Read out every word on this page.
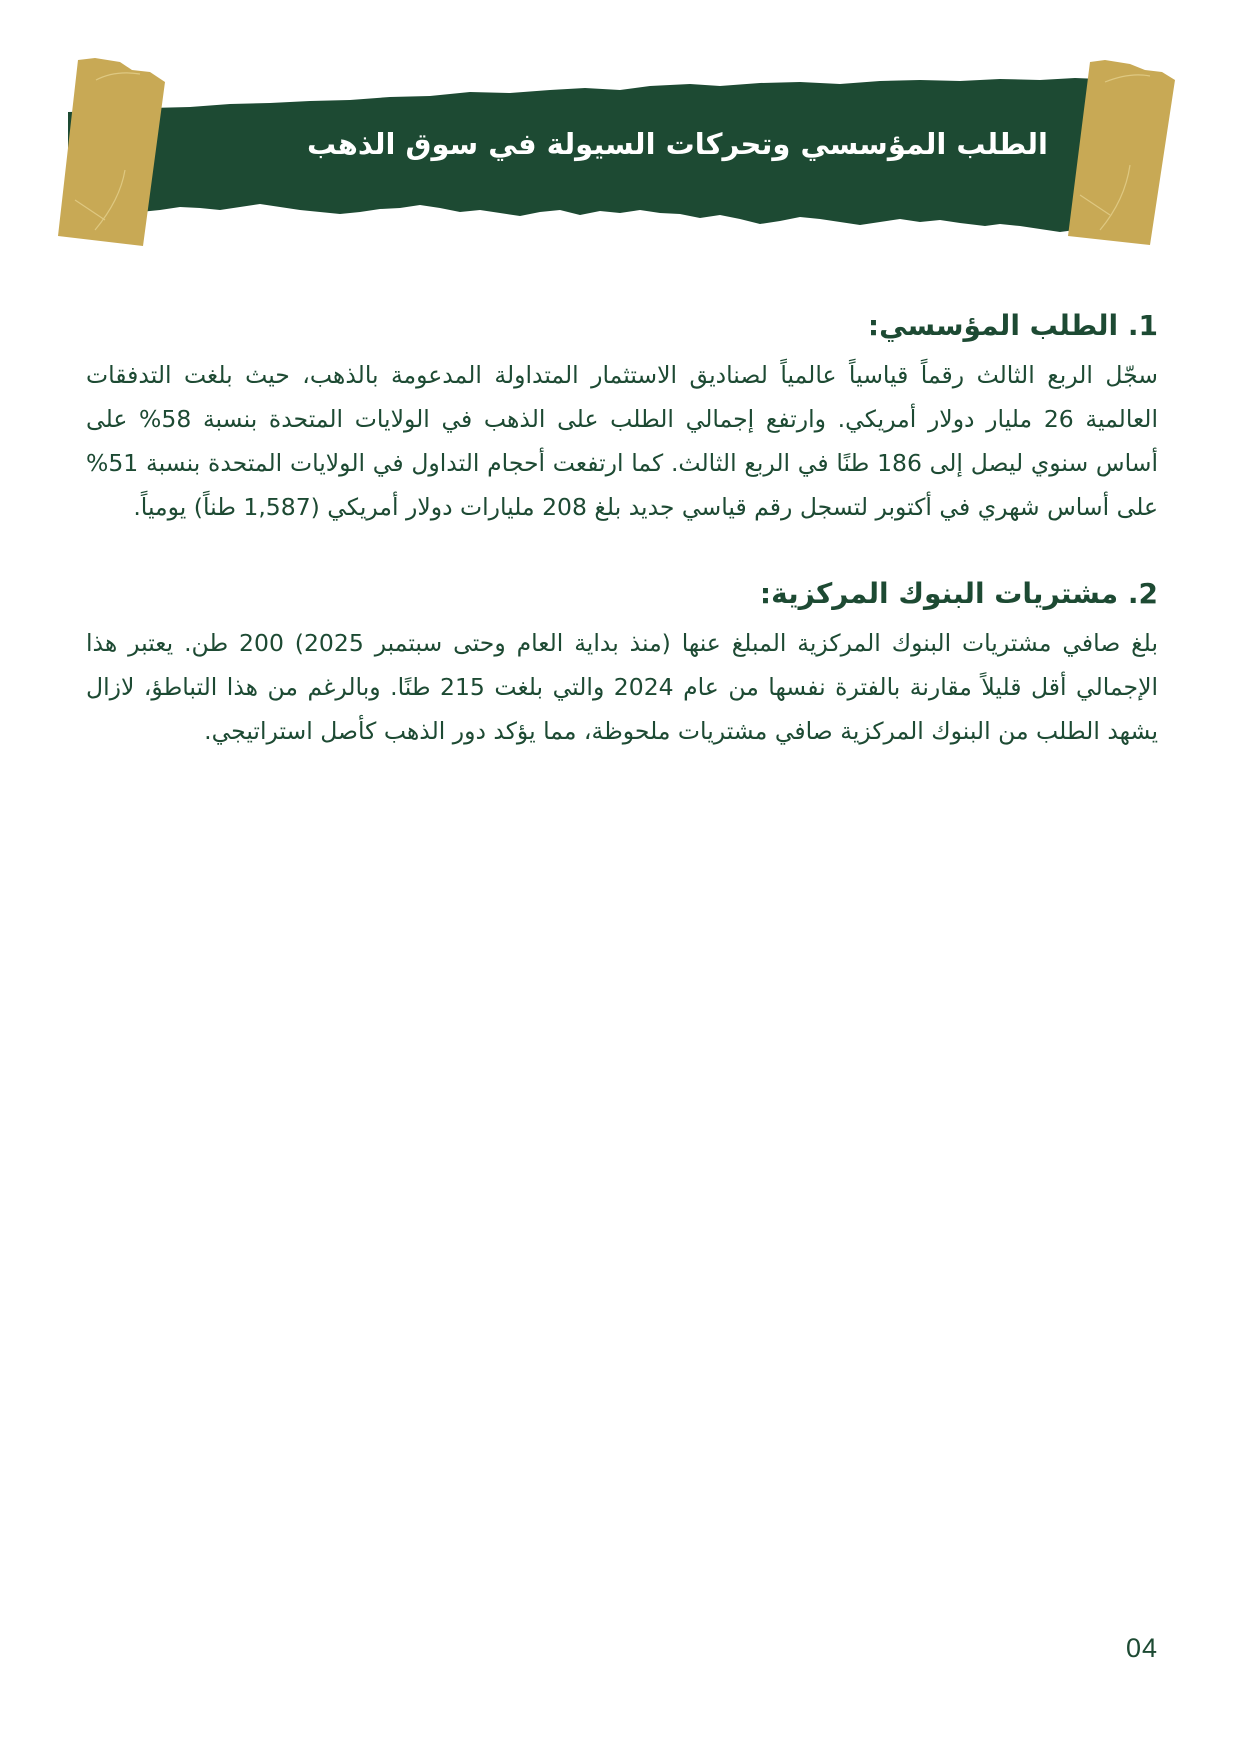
الطلب المؤسسي وتحركات السيولة في سوق الذهب
1. الطلب المؤسسي:

سجّل الربع الثالث رقماً قياسياً عالمياً لصناديق الاستثمار المتداولة المدعومة بالذهب، حيث بلغت التدفقات العالمية 26 مليار دولار أمريكي. وارتفع إجمالي الطلب على الذهب في الولايات المتحدة بنسبة 58% على أساس سنوي ليصل إلى 186 طنًا في الربع الثالث. كما ارتفعت أحجام التداول في الولايات المتحدة بنسبة 51% على أساس شهري في أكتوبر لتسجل رقم قياسي جديد بلغ 208 مليارات دولار أمريكي (1,587 طناً) يومياً.

2. مشتريات البنوك المركزية:

بلغ صافي مشتريات البنوك المركزية المبلغ عنها (منذ بداية العام وحتى سبتمبر 2025) 200 طن. يعتبر هذا الإجمالي أقل قليلاً مقارنة بالفترة نفسها من عام 2024 والتي بلغت 215 طنًا. وبالرغم من هذا التباطؤ، لازال يشهد الطلب من البنوك المركزية صافي مشتريات ملحوظة، مما يؤكد دور الذهب كأصل استراتيجي.

04
